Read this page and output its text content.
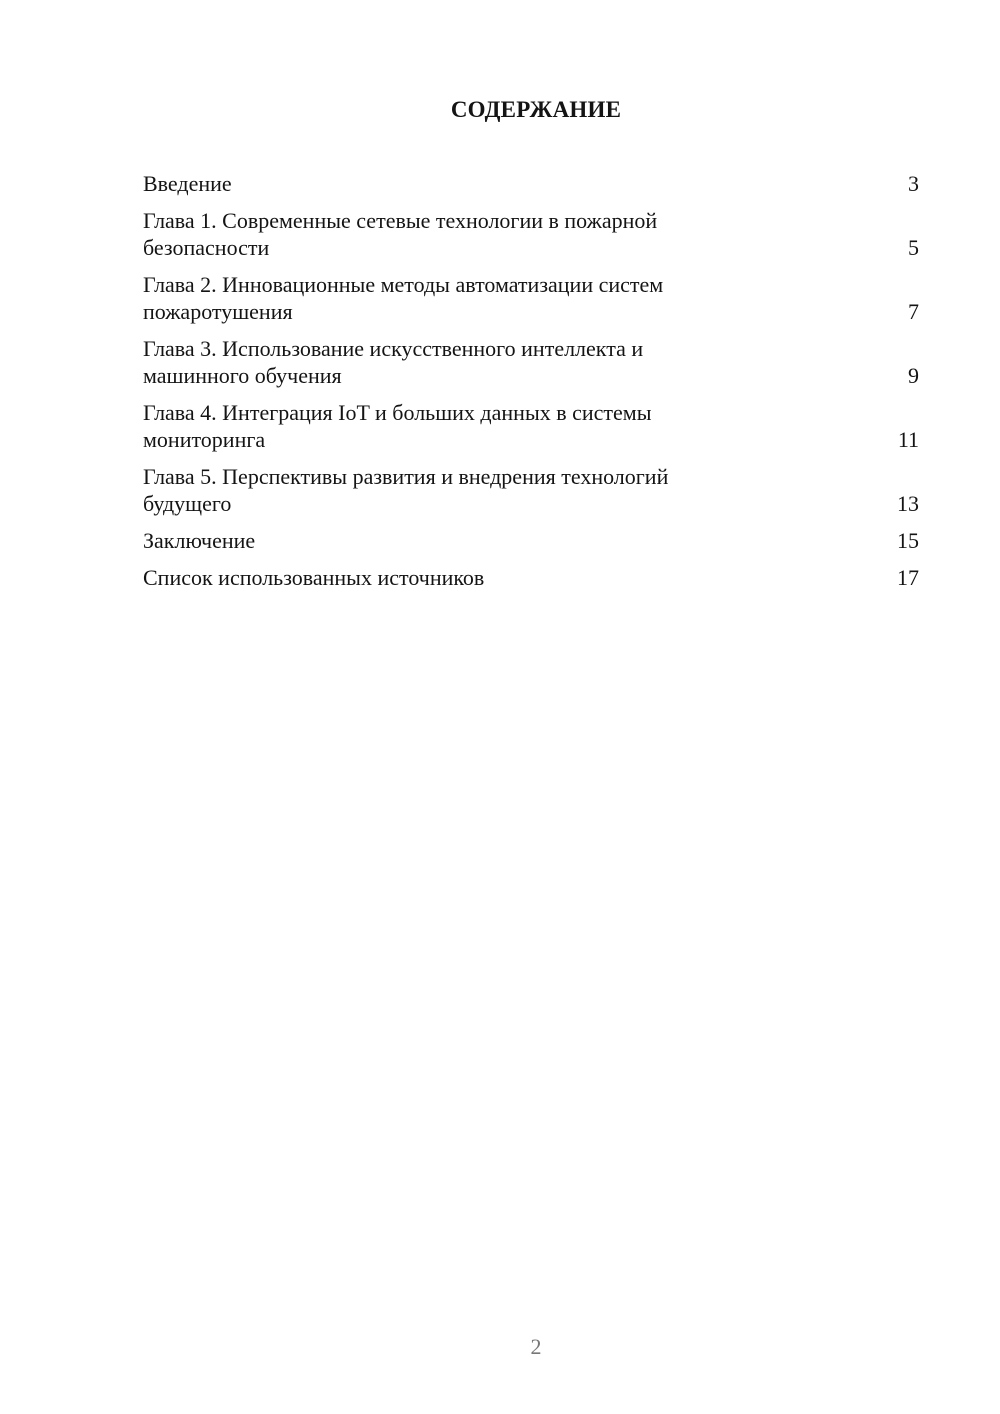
СОДЕРЖАНИЕ
Введение	3
Глава 1. Современные сетевые технологии в пожарной безопасности	5
Глава 2. Инновационные методы автоматизации систем пожаротушения	7
Глава 3. Использование искусственного интеллекта и машинного обучения	9
Глава 4. Интеграция IoT и больших данных в системы мониторинга	11
Глава 5. Перспективы развития и внедрения технологий будущего	13
Заключение	15
Список использованных источников	17
2
